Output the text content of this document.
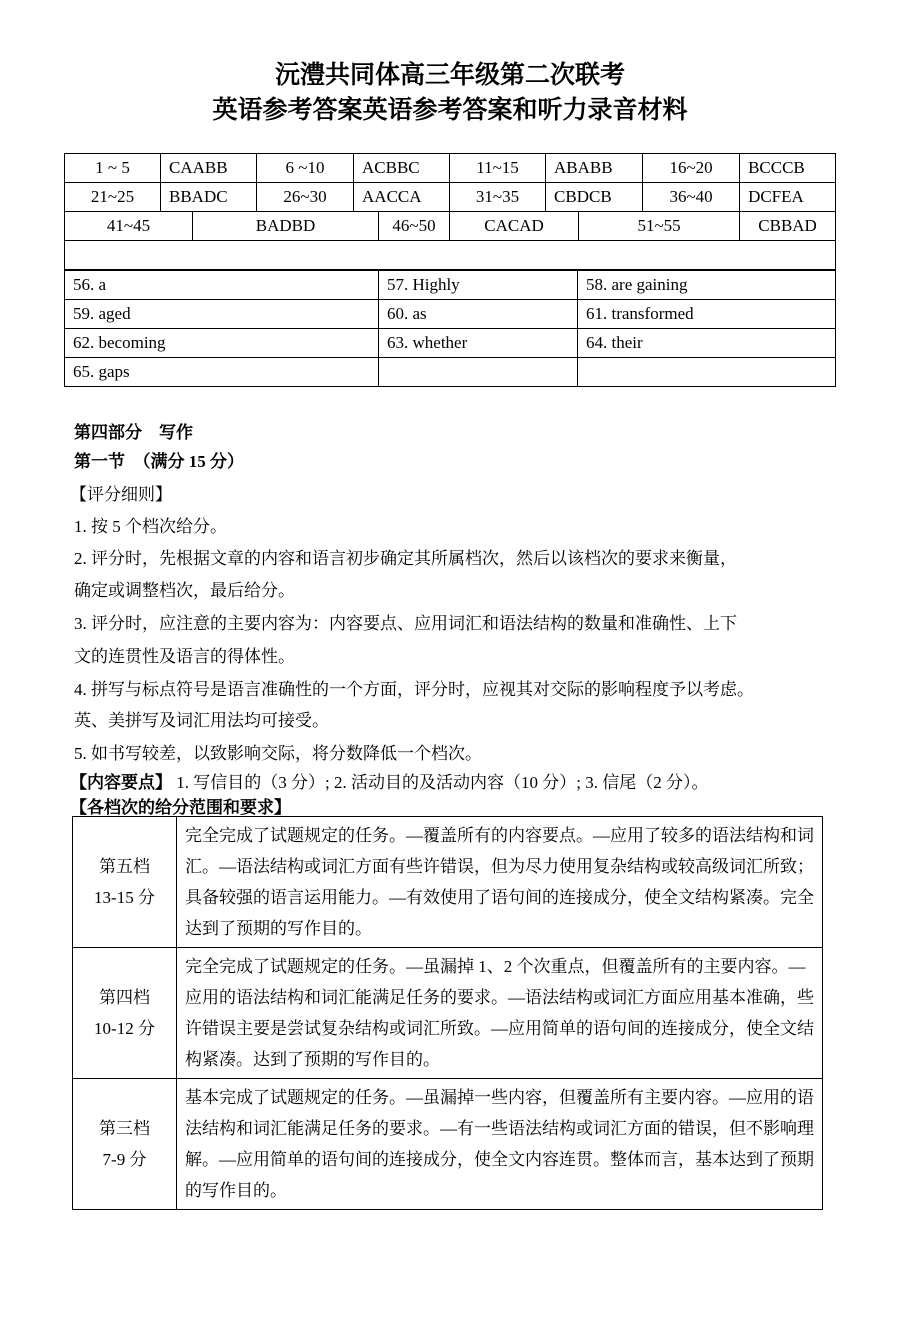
沅澧共同体高三年级第二次联考
英语参考答案英语参考答案和听力录音材料
1 ~ 5	CAABB		6 ~10	ACBBC		11~15	ABABB		16~20	BCCCB
21~25	BBADC		26~30	AACCA		31~35	CBDCB		36~40	DCFEA
41~45		BADBD			46~50	CACAD		51~55		CBBAD

56. a	57. Highly	58. are gaining
59. aged	60. as	61. transformed
62. becoming	63. whether	64. their
65. gaps		
第四部分　写作
第一节　（满分 15 分）
【评分细则】
1. 按 5 个档次给分。
2. 评分时，先根据文章的内容和语言初步确定其所属档次，然后以该档次的要求来衡量，
确定或调整档次，最后给分。
3. 评分时，应注意的主要内容为：内容要点、应用词汇和语法结构的数量和准确性、上下
文的连贯性及语言的得体性。
4. 拼写与标点符号是语言准确性的一个方面，评分时，应视其对交际的影响程度予以考虑。
英、美拼写及词汇用法均可接受。
5. 如书写较差，以致影响交际，将分数降低一个档次。
【内容要点】 1. 写信目的（3 分）; 2. 活动目的及活动内容（10 分）; 3. 信尾（2 分）。
【各档次的给分范围和要求】
第五档
13-15 分	完全完成了试题规定的任务。—覆盖所有的内容要点。—应用了较多的语法结构和词汇。—语法结构或词汇方面有些许错误，但为尽力使用复杂结构或较高级词汇所致；具备较强的语言运用能力。—有效使用了语句间的连接成分，使全文结构紧凑。完全达到了预期的写作目的。

第四档
10-12 分	完全完成了试题规定的任务。—虽漏掉 1、2 个次重点，但覆盖所有的主要内容。—应用的语法结构和词汇能满足任务的要求。—语法结构或词汇方面应用基本准确，些许错误主要是尝试复杂结构或词汇所致。—应用简单的语句间的连接成分，使全文结构紧凑。达到了预期的写作目的。

第三档
7-9 分	基本完成了试题规定的任务。—虽漏掉一些内容，但覆盖所有主要内容。—应用的语法结构和词汇能满足任务的要求。—有一些语法结构或词汇方面的错误，但不影响理解。—应用简单的语句间的连接成分，使全文内容连贯。整体而言，基本达到了预期的写作目的。
